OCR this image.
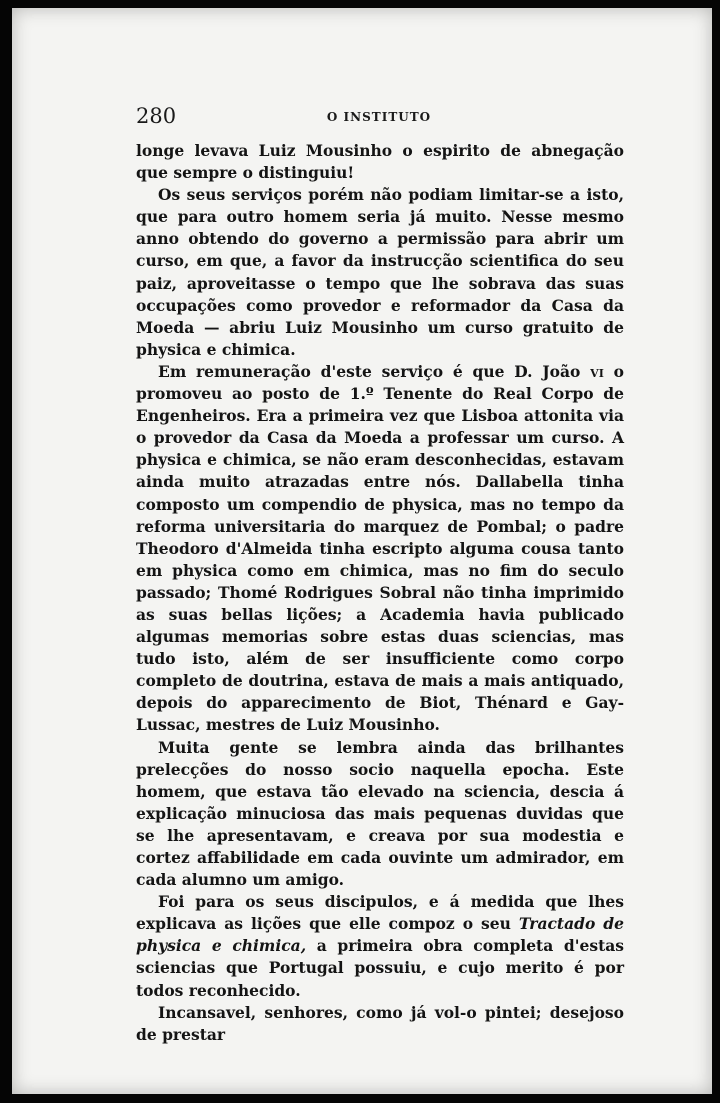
280	O INSTITUTO

longe levava Luiz Mousinho o espirito de abnegação que sempre o distinguiu!

Os seus serviços porém não podiam limitar-se a isto, que para outro homem seria já muito. Nesse mesmo anno obtendo do governo a permissão para abrir um curso, em que, a favor da instrucção scientifica do seu paiz, aproveitasse o tempo que lhe sobrava das suas occupações como provedor e reformador da Casa da Moeda — abriu Luiz Mousinho um curso gratuito de physica e chimica.

Em remuneração d'este serviço é que D. João vi o promoveu ao posto de 1.º Tenente do Real Corpo de Engenheiros. Era a primeira vez que Lisboa attonita via o provedor da Casa da Moeda a professar um curso. A physica e chimica, se não eram desconhecidas, estavam ainda muito atrazadas entre nós. Dallabella tinha composto um compendio de physica, mas no tempo da reforma universitaria do marquez de Pombal; o padre Theodoro d'Almeida tinha escripto alguma cousa tanto em physica como em chimica, mas no fim do seculo passado; Thomé Rodrigues Sobral não tinha imprimido as suas bellas lições; a Academia havia publicado algumas memorias sobre estas duas sciencias, mas tudo isto, além de ser insufficiente como corpo completo de doutrina, estava de mais a mais antiquado, depois do apparecimento de Biot, Thénard e Gay-Lussac, mestres de Luiz Mousinho.

Muita gente se lembra ainda das brilhantes prelecções do nosso socio naquella epocha. Este homem, que estava tão elevado na sciencia, descia á explicação minuciosa das mais pequenas duvidas que se lhe apresentavam, e creava por sua modestia e cortez affabilidade em cada ouvinte um admirador, em cada alumno um amigo.

Foi para os seus discipulos, e á medida que lhes explicava as lições que elle compoz o seu Tractado de physica e chimica, a primeira obra completa d'estas sciencias que Portugal possuiu, e cujo merito é por todos reconhecido.

Incansavel, senhores, como já vol-o pintei; desejoso de prestar
